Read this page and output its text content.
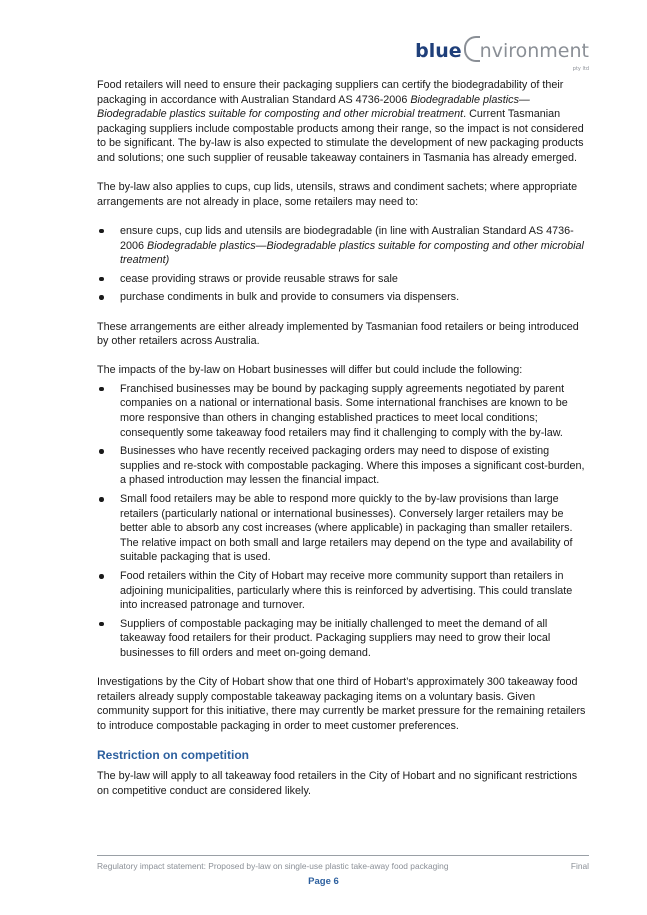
blue nvironment
pty ltd

Food retailers will need to ensure their packaging suppliers can certify the biodegradability of their packaging in accordance with Australian Standard AS 4736-2006 Biodegradable plastics—Biodegradable plastics suitable for composting and other microbial treatment. Current Tasmanian packaging suppliers include compostable products among their range, so the impact is not considered to be significant. The by-law is also expected to stimulate the development of new packaging products and solutions; one such supplier of reusable takeaway containers in Tasmania has already emerged.

The by-law also applies to cups, cup lids, utensils, straws and condiment sachets; where appropriate arrangements are not already in place, some retailers may need to:

ensure cups, cup lids and utensils are biodegradable (in line with Australian Standard AS 4736-2006 Biodegradable plastics—Biodegradable plastics suitable for composting and other microbial treatment)
cease providing straws or provide reusable straws for sale
purchase condiments in bulk and provide to consumers via dispensers.

These arrangements are either already implemented by Tasmanian food retailers or being introduced by other retailers across Australia.

The impacts of the by-law on Hobart businesses will differ but could include the following:

Franchised businesses may be bound by packaging supply agreements negotiated by parent companies on a national or international basis. Some international franchises are known to be more responsive than others in changing established practices to meet local conditions; consequently some takeaway food retailers may find it challenging to comply with the by-law.
Businesses who have recently received packaging orders may need to dispose of existing supplies and re-stock with compostable packaging. Where this imposes a significant cost-burden, a phased introduction may lessen the financial impact.
Small food retailers may be able to respond more quickly to the by-law provisions than large retailers (particularly national or international businesses). Conversely larger retailers may be better able to absorb any cost increases (where applicable) in packaging than smaller retailers. The relative impact on both small and large retailers may depend on the type and availability of suitable packaging that is used.
Food retailers within the City of Hobart may receive more community support than retailers in adjoining municipalities, particularly where this is reinforced by advertising. This could translate into increased patronage and turnover.
Suppliers of compostable packaging may be initially challenged to meet the demand of all takeaway food retailers for their product. Packaging suppliers may need to grow their local businesses to fill orders and meet on-going demand.

Investigations by the City of Hobart show that one third of Hobart’s approximately 300 takeaway food retailers already supply compostable takeaway packaging items on a voluntary basis. Given community support for this initiative, there may currently be market pressure for the remaining retailers to introduce compostable packaging in order to meet customer preferences.

Restriction on competition

The by-law will apply to all takeaway food retailers in the City of Hobart and no significant restrictions on competitive conduct are considered likely.

Regulatory impact statement: Proposed by-law on single-use plastic take-away food packaging	Final
Page 6
